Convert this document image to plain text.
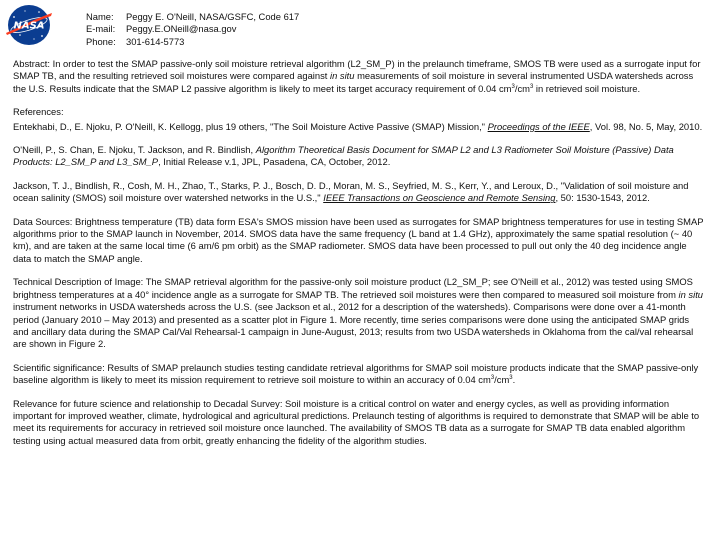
NASA
Name: Peggy E. O'Neill, NASA/GSFC, Code 617
E-mail: Peggy.E.ONeill@nasa.gov
Phone: 301-614-5773

Abstract: In order to test the SMAP passive-only soil moisture retrieval algorithm (L2_SM_P) in the prelaunch timeframe, SMOS TB were used as a surrogate input for SMAP TB, and the resulting retrieved soil moistures were compared against in situ measurements of soil moisture in several instrumented USDA watersheds across the U.S. Results indicate that the SMAP L2 passive algorithm is likely to meet its target accuracy requirement of 0.04 $cm^3/cm^3$ in retrieved soil moisture.

References:

Entekhabi, D., E. Njoku, P. O'Neill, K. Kellogg, plus 19 others, "The Soil Moisture Active Passive (SMAP) Mission," Proceedings of the IEEE, Vol. 98, No. 5, May, 2010.

O'Neill, P., S. Chan, E. Njoku, T. Jackson, and R. Bindlish, Algorithm Theoretical Basis Document for SMAP L2 and L3 Radiometer Soil Moisture (Passive) Data Products: L2_SM_P and L3_SM_P, Initial Release v.1, JPL, Pasadena, CA, October, 2012.

Jackson, T. J., Bindlish, R., Cosh, M. H., Zhao, T., Starks, P. J., Bosch, D. D., Moran, M. S., Seyfried, M. S., Kerr, Y., and Leroux, D., "Validation of soil moisture and ocean salinity (SMOS) soil moisture over watershed networks in the U.S.," IEEE Transactions on Geoscience and Remote Sensing, 50: 1530-1543, 2012.

Data Sources: Brightness temperature (TB) data form ESA's SMOS mission have been used as surrogates for SMAP brightness temperatures for use in testing SMAP algorithms prior to the SMAP launch in November, 2014. SMOS data have the same frequency (L band at 1.4 GHz), approximately the same spatial resolution (~ 40 km), and are taken at the same local time (6 am/6 pm orbit) as the SMAP radiometer. SMOS data have been processed to pull out only the 40 deg incidence angle data to match the SMAP angle.

Technical Description of Image: The SMAP retrieval algorithm for the passive-only soil moisture product (L2_SM_P; see O'Neill et al., 2012) was tested using SMOS brightness temperatures at a 40° incidence angle as a surrogate for SMAP TB. The retrieved soil moistures were then compared to measured soil moisture from in situ instrument networks in USDA watersheds across the U.S. (see Jackson et al., 2012 for a description of the watersheds). Comparisons were done over a 41-month period (January 2010 – May 2013) and presented as a scatter plot in Figure 1. More recently, time series comparisons were done using the anticipated SMAP grids and ancillary data during the SMAP Cal/Val Rehearsal-1 campaign in June-August, 2013; results from two USDA watersheds in Oklahoma from the cal/val rehearsal are shown in Figure 2.

Scientific significance: Results of SMAP prelaunch studies testing candidate retrieval algorithms for SMAP soil moisture products indicate that the SMAP passive-only baseline algorithm is likely to meet its mission requirement to retrieve soil moisture to within an accuracy of 0.04 $cm^3/cm^3$.

Relevance for future science and relationship to Decadal Survey: Soil moisture is a critical control on water and energy cycles, as well as providing information important for improved weather, climate, hydrological and agricultural predictions. Prelaunch testing of algorithms is required to demonstrate that SMAP will be able to meet its requirements for accuracy in retrieved soil moisture once launched. The availability of SMOS TB data as a surrogate for SMAP TB data enabled algorithm testing using actual measured data from orbit, greatly enhancing the fidelity of the algorithm studies.
